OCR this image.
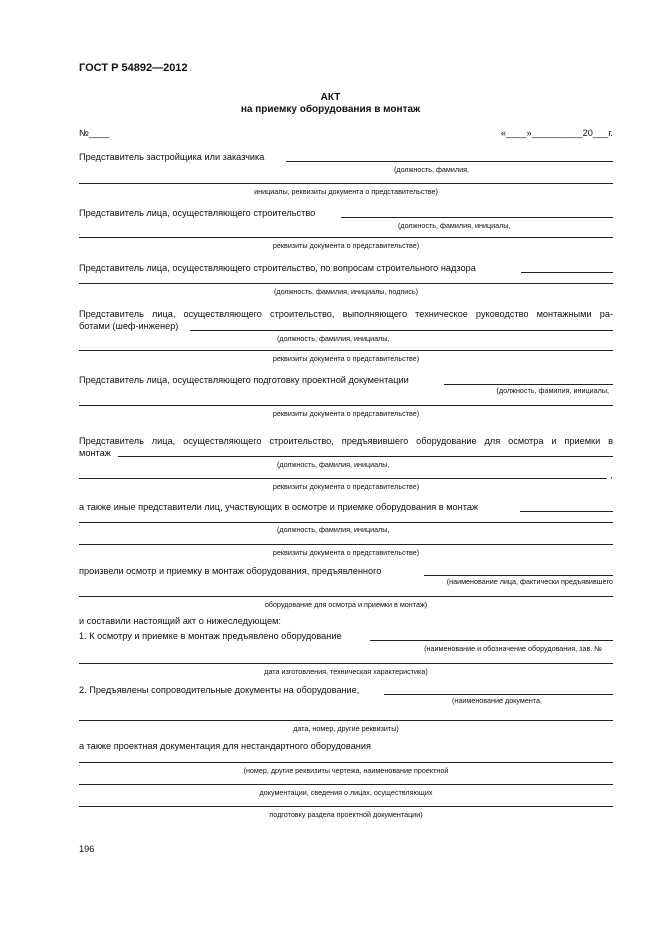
ГОСТ Р 54892—2012
АКТ
на приемку оборудования в монтаж
№____	«____»__________20___г.
Представитель застройщика или заказчика
(должность, фамилия,
инициалы, реквизиты документа о представительстве)
Представитель лица, осуществляющего строительство
(должность, фамилия, инициалы,
реквизиты документа о представительстве)
Представитель лица, осуществляющего строительство, по вопросам строительного надзора
(должность, фамилия, инициалы, подпись)
Представитель лица, осуществляющего строительство, выполняющего техническое руководство монтажными ра-
ботами (шеф-инженер)
(должность, фамилия, инициалы,
реквизиты документа о представительстве)
Представитель лица, осуществляющего подготовку проектной документации
(должность, фамилия, инициалы,
реквизиты документа о представительстве)
Представитель лица, осуществляющего строительство, предъявившего оборудование для осмотра и приемки в
монтаж
(должность, фамилия, инициалы,
,
реквизиты документа о представительстве)
а также иные представители лиц, участвующих в осмотре и приемке оборудования в монтаж
(должность, фамилия, инициалы,
реквизиты документа о представительстве)
произвели осмотр и приемку в монтаж оборудования, предъявленного
(наименование лица, фактически предъявившего
оборудование для осмотра и приемки в монтаж)
и составили настоящий акт о нижеследующем:
1. К осмотру и приемке в монтаж предъявлено оборудование
(наименование и обозначение оборудования, зав. №
дата изготовления, техническая характеристика)
2. Предъявлены сопроводительные документы на оборудование,
(наименование документа,
дата, номер, другие реквизиты)
а также проектная документация для нестандартного оборудования
(номер, другие реквизиты чертежа, наименование проектной
документации, сведения о лицах, осуществляющих
подготовку раздела проектной документации)
196
